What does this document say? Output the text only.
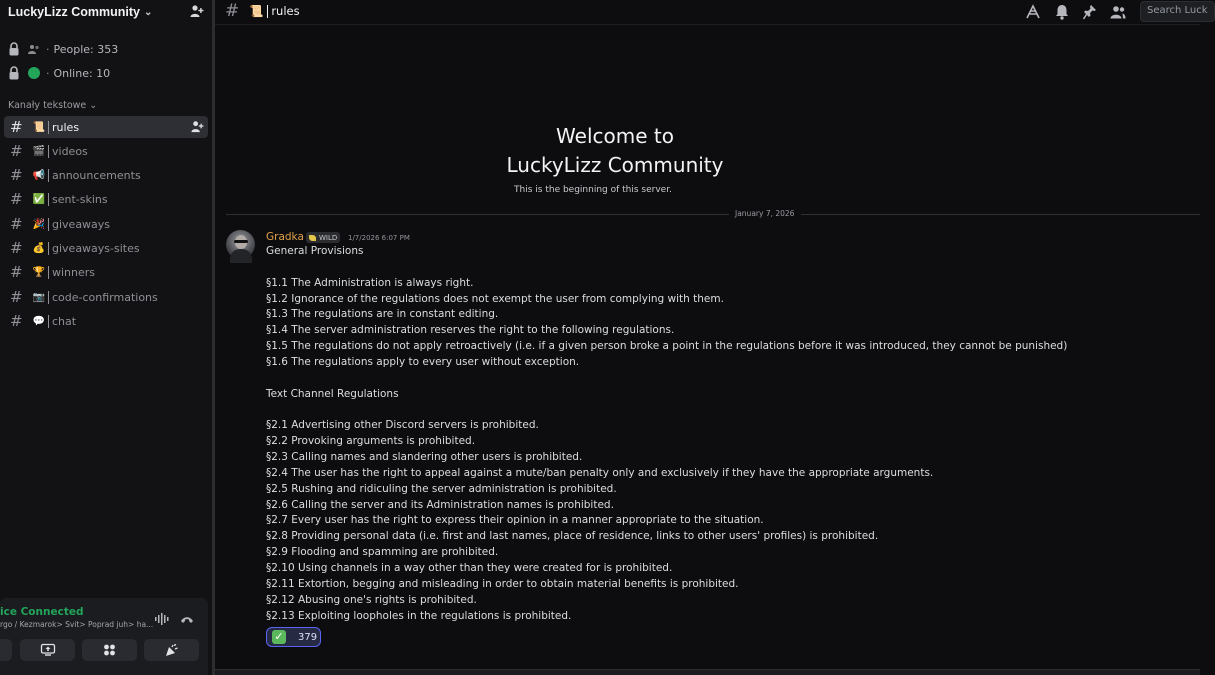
LuckyLizz Community ⌄
· People: 353
· Online: 10
Kanały tekstowe ⌄
#	📜 rules
#	🎬 videos
#	📢 announcements
#	✅ sent-skins
#	🎉 giveaways
#	💰 giveaways-sites
#	🏆 winners
#	📷 code-confirmations
#	💬 chat
ice Connected
rgo / Kezmarok> Svit> Poprad juh> ha...
# 📜 rules	Search Luck
Welcome to
LuckyLizz Community
This is the beginning of this server.
January 7, 2026
Gradka WILD 1/7/2026 6:07 PM
General Provisions
§1.1 The Administration is always right.
§1.2 Ignorance of the regulations does not exempt the user from complying with them.
§1.3 The regulations are in constant editing.
§1.4 The server administration reserves the right to the following regulations.
§1.5 The regulations do not apply retroactively (i.e. if a given person broke a point in the regulations before it was introduced, they cannot be punished)
§1.6 The regulations apply to every user without exception.
Text Channel Regulations
§2.1 Advertising other Discord servers is prohibited.
§2.2 Provoking arguments is prohibited.
§2.3 Calling names and slandering other users is prohibited.
§2.4 The user has the right to appeal against a mute/ban penalty only and exclusively if they have the appropriate arguments.
§2.5 Rushing and ridiculing the server administration is prohibited.
§2.6 Calling the server and its Administration names is prohibited.
§2.7 Every user has the right to express their opinion in a manner appropriate to the situation.
§2.8 Providing personal data (i.e. first and last names, place of residence, links to other users' profiles) is prohibited.
§2.9 Flooding and spamming are prohibited.
§2.10 Using channels in a way other than they were created for is prohibited.
§2.11 Extortion, begging and misleading in order to obtain material benefits is prohibited.
§2.12 Abusing one's rights is prohibited.
§2.13 Exploiting loopholes in the regulations is prohibited.
✓ 379
